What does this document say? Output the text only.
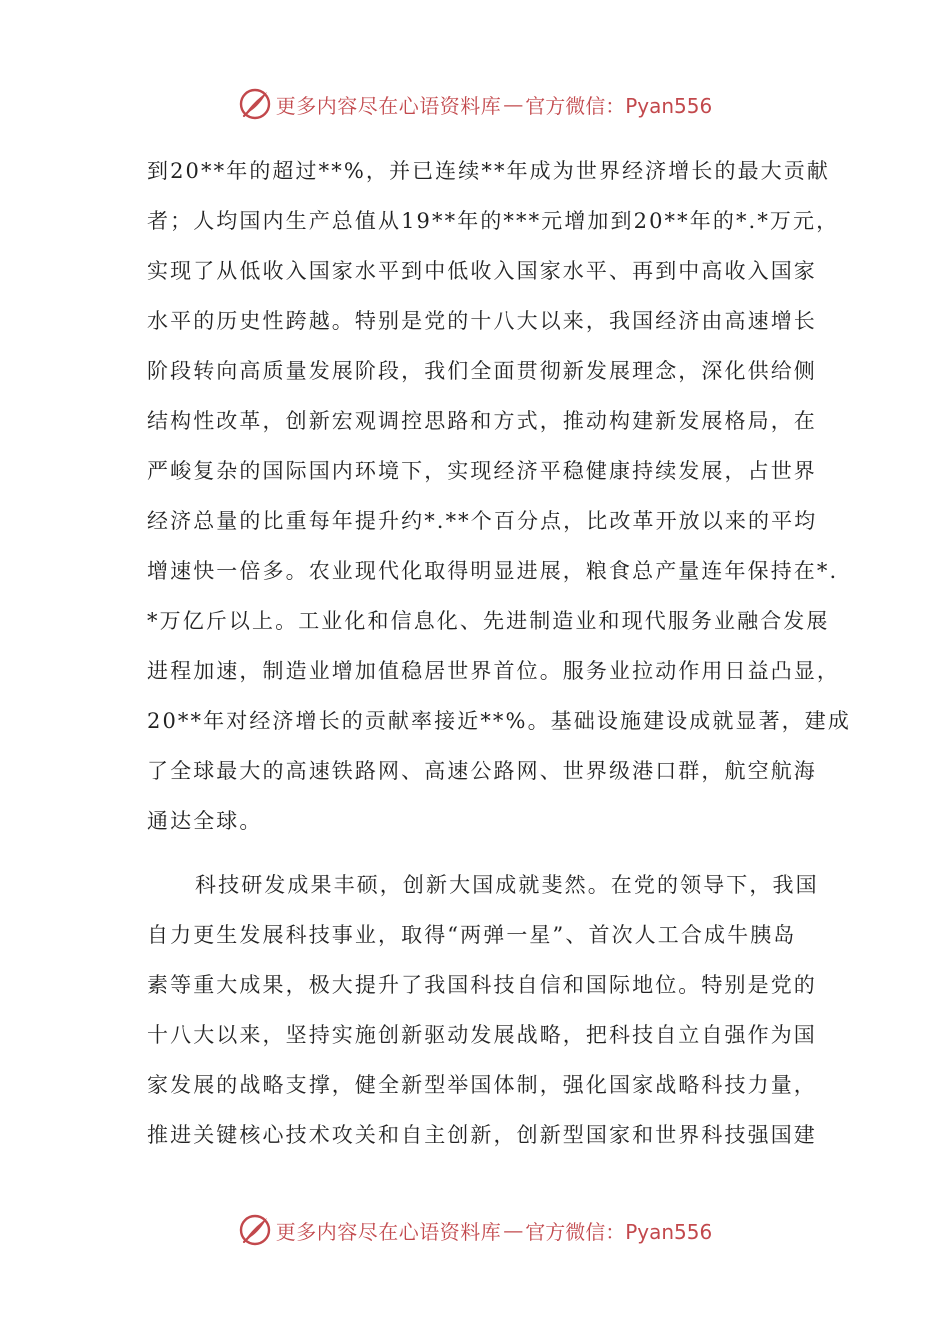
更多内容尽在心语资料库 — 官方微信：Pyan556

到20**年的超过**%，并已连续**年成为世界经济增长的最大贡献

者；人均国内生产总值从19**年的***元增加到20**年的*.*万元，

实现了从低收入国家水平到中低收入国家水平、再到中高收入国家

水平的历史性跨越。特别是党的十八大以来，我国经济由高速增长

阶段转向高质量发展阶段，我们全面贯彻新发展理念，深化供给侧

结构性改革，创新宏观调控思路和方式，推动构建新发展格局，在

严峻复杂的国际国内环境下，实现经济平稳健康持续发展，占世界

经济总量的比重每年提升约*.**个百分点，比改革开放以来的平均

增速快一倍多。农业现代化取得明显进展，粮食总产量连年保持在*.

*万亿斤以上。工业化和信息化、先进制造业和现代服务业融合发展

进程加速，制造业增加值稳居世界首位。服务业拉动作用日益凸显，

20**年对经济增长的贡献率接近**%。基础设施建设成就显著，建成

了全球最大的高速铁路网、高速公路网、世界级港口群，航空航海

通达全球。

科技研发成果丰硕，创新大国成就斐然。在党的领导下，我国

自力更生发展科技事业，取得“两弹一星”、首次人工合成牛胰岛

素等重大成果，极大提升了我国科技自信和国际地位。特别是党的

十八大以来，坚持实施创新驱动发展战略，把科技自立自强作为国

家发展的战略支撑，健全新型举国体制，强化国家战略科技力量，

推进关键核心技术攻关和自主创新，创新型国家和世界科技强国建

更多内容尽在心语资料库 — 官方微信：Pyan556
